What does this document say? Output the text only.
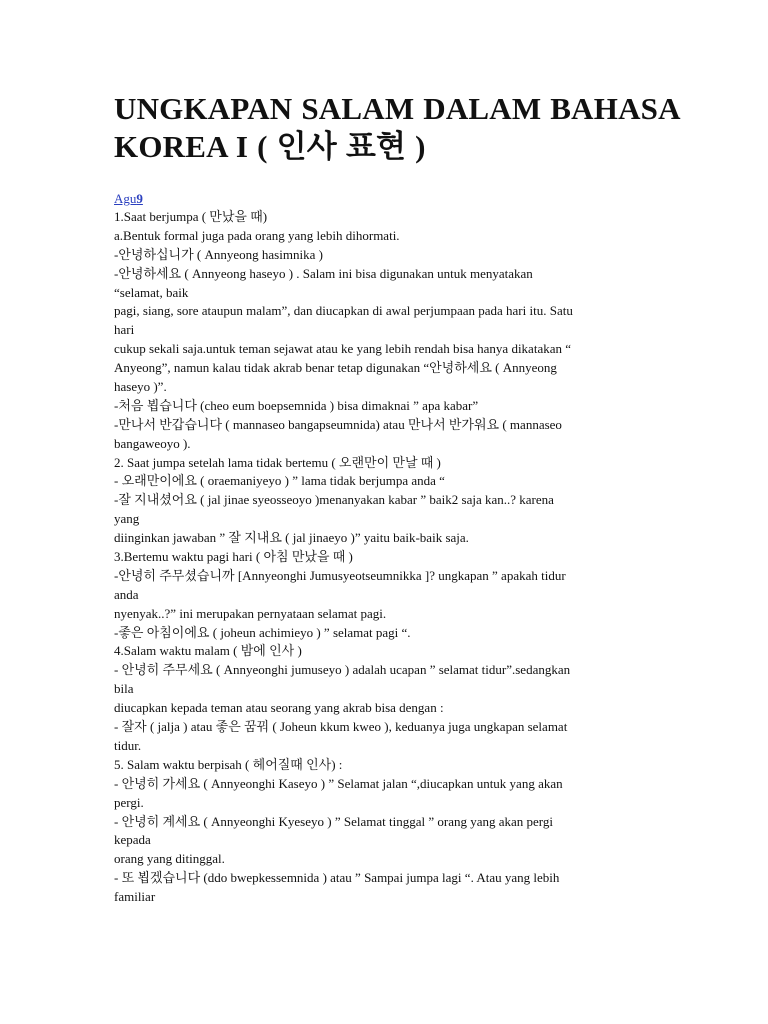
UNGKAPAN SALAM DALAM BAHASA
KOREA I ( 인사 표현 )
Agu9
1.Saat berjumpa ( 만났을 때)
a.Bentuk formal juga pada orang yang lebih dihormati.
-안녕하십니가 ( Annyeong hasimnika )
-안녕하세요 ( Annyeong haseyo ) . Salam ini bisa digunakan untuk menyatakan
“selamat, baik
pagi, siang, sore ataupun malam”, dan diucapkan di awal perjumpaan pada hari itu. Satu
hari
cukup sekali saja.untuk teman sejawat atau ke yang lebih rendah bisa hanya dikatakan “
Anyeong”, namun kalau tidak akrab benar tetap digunakan “안녕하세요 ( Annyeong
haseyo )”.
-처음 뵙습니다 (cheo eum boepsemnida ) bisa dimaknai ” apa kabar”
-만나서 반갑습니다 ( mannaseo bangapseumnida) atau 만나서 반가워요 ( mannaseo
bangaweoyo ).
2. Saat jumpa setelah lama tidak bertemu ( 오랜만이 만날 때 )
- 오래만이에요 ( oraemaniyeyo ) ” lama tidak berjumpa anda “
-잘 지내셨어요 ( jal jinae syeosseoyo )menanyakan kabar ” baik2 saja kan..? karena
yang
diinginkan jawaban ” 잘 지내요 ( jal jinaeyo )” yaitu baik-baik saja.
3.Bertemu waktu pagi hari ( 아침 만났을 때 )
-안녕히 주무셨습니까 [Annyeonghi Jumusyeotseumnikka ]? ungkapan ” apakah tidur
anda
nyenyak..?” ini merupakan pernyataan selamat pagi.
-좋은 아침이에요 ( joheun achimieyo ) ” selamat pagi “.
4.Salam waktu malam ( 밤에 인사 )
- 안녕히 주무세요 ( Annyeonghi jumuseyo ) adalah ucapan ” selamat tidur”.sedangkan
bila
diucapkan kepada teman atau seorang yang akrab bisa dengan :
- 잘자 ( jalja ) atau 좋은 꿈꿔 ( Joheun kkum kweo ), keduanya juga ungkapan selamat
tidur.
5. Salam waktu berpisah ( 헤어질때 인사) :
- 안녕히 가세요 ( Annyeonghi Kaseyo ) ” Selamat jalan “,diucapkan untuk yang akan
pergi.
- 안녕히 계세요 ( Annyeonghi Kyeseyo ) ” Selamat tinggal ” orang yang akan pergi
kepada
orang yang ditinggal.
- 또 뵙겠습니다 (ddo bwepkessemnida ) atau ” Sampai jumpa lagi “. Atau yang lebih
familiar
